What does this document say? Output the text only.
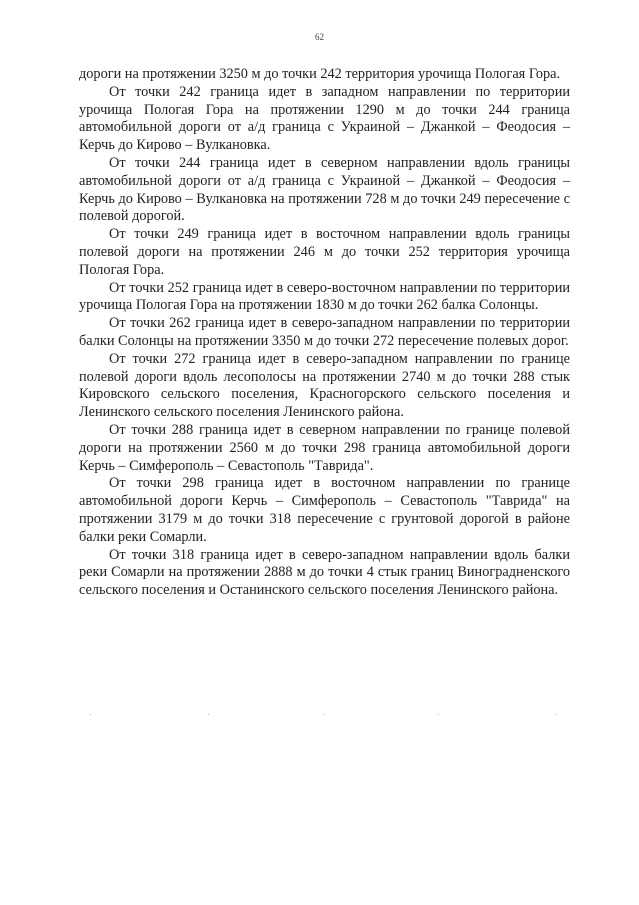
62

дороги на протяжении 3250 м до точки 242 территория урочища Пологая Гора.

От точки 242 граница идет в западном направлении по территории урочища Пологая Гора на протяжении 1290 м до точки 244 граница автомобильной дороги от а/д граница с Украиной – Джанкой – Феодосия – Керчь до Кирово – Вулкановка.

От точки 244 граница идет в северном направлении вдоль границы автомобильной дороги от а/д граница с Украиной – Джанкой – Феодосия – Керчь до Кирово – Вулкановка на протяжении 728 м до точки 249 пересечение с полевой дорогой.

От точки 249 граница идет в восточном направлении вдоль границы полевой дороги на протяжении 246 м до точки 252 территория урочища Пологая Гора.

От точки 252 граница идет в северо-восточном направлении по территории урочища Пологая Гора на протяжении 1830 м до точки 262 балка Солонцы.

От точки 262 граница идет в северо-западном направлении по территории балки Солонцы на протяжении 3350 м до точки 272 пересечение полевых дорог.

От точки 272 граница идет в северо-западном направлении по границе полевой дороги вдоль лесополосы на протяжении 2740 м до точки 288 стык Кировского сельского поселения, Красногорского сельского поселения и Ленинского сельского поселения Ленинского района.

От точки 288 граница идет в северном направлении по границе полевой дороги на протяжении 2560 м до точки 298 граница автомобильной дороги Керчь – Симферополь – Севастополь "Таврида".

От точки 298 граница идет в восточном направлении по границе автомобильной дороги Керчь – Симферополь – Севастополь "Таврида" на протяжении 3179 м до точки 318 пересечение с грунтовой дорогой в районе балки реки Сомарли.

От точки 318 граница идет в северо-западном направлении вдоль балки реки Сомарли на протяжении 2888 м до точки 4 стык границ Виноградненского сельского поселения и Останинского сельского поселения Ленинского района.
